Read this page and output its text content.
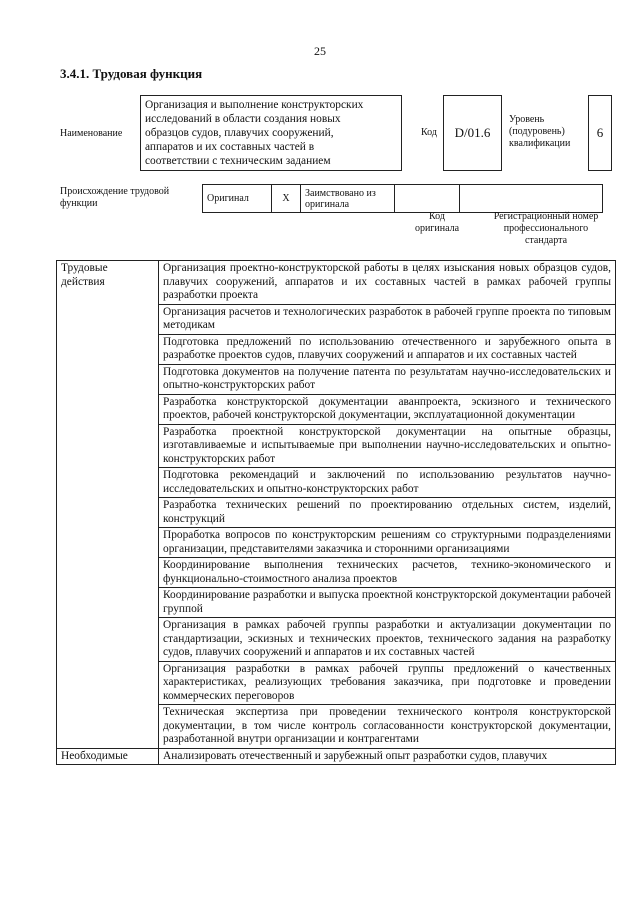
25
3.4.1. Трудовая функция
Наименование
Организация и выполнение конструкторских
исследований в области создания новых
образцов судов, плавучих сооружений,
аппаратов и их составных частей в
соответствии с техническим заданием
Код	D/01.6
Уровень
(подуровень)
квалификации
6
Происхождение трудовой
функции	Оригинал	X	Заимствовано из
оригинала

Код
оригинала
Регистрационный номер
профессионального
стандарта
Трудовые
действия	Организация проектно-конструкторской работы в целях изыскания новых образцов судов, плавучих сооружений, аппаратов и их составных частей в рамках рабочей группы разработки проекта
	Организация расчетов и технологических разработок в рабочей группе проекта по типовым методикам
	Подготовка предложений по использованию отечественного и зарубежного опыта в разработке проектов судов, плавучих сооружений и аппаратов и их составных частей
	Подготовка документов на получение патента по результатам научно-исследовательских и опытно-конструкторских работ
	Разработка конструкторской документации аванпроекта, эскизного и технического проектов, рабочей конструкторской документации, эксплуатационной документации
	Разработка проектной конструкторской документации на опытные образцы, изготавливаемые и испытываемые при выполнении научно-исследовательских и опытно-конструкторских работ
	Подготовка рекомендаций и заключений по использованию результатов научно-исследовательских и опытно-конструкторских работ
	Разработка технических решений по проектированию отдельных систем, изделий, конструкций
	Проработка вопросов по конструкторским решениям со структурными подразделениями организации, представителями заказчика и сторонними организациями
	Координирование выполнения технических расчетов, технико-экономического и функционально-стоимостного анализа проектов
	Координирование разработки и выпуска проектной конструкторской документации рабочей группой
	Организация в рамках рабочей группы разработки и актуализации документации по стандартизации, эскизных и технических проектов, технического задания на разработку судов, плавучих сооружений и аппаратов и их составных частей
	Организация разработки в рамках рабочей группы предложений о качественных характеристиках, реализующих требования заказчика, при подготовке и проведении коммерческих переговоров
	Техническая экспертиза при проведении технического контроля конструкторской документации, в том числе контроль согласованности конструкторской документации, разработанной внутри организации и контрагентами
Необходимые	Анализировать отечественный и зарубежный опыт разработки судов, плавучих
